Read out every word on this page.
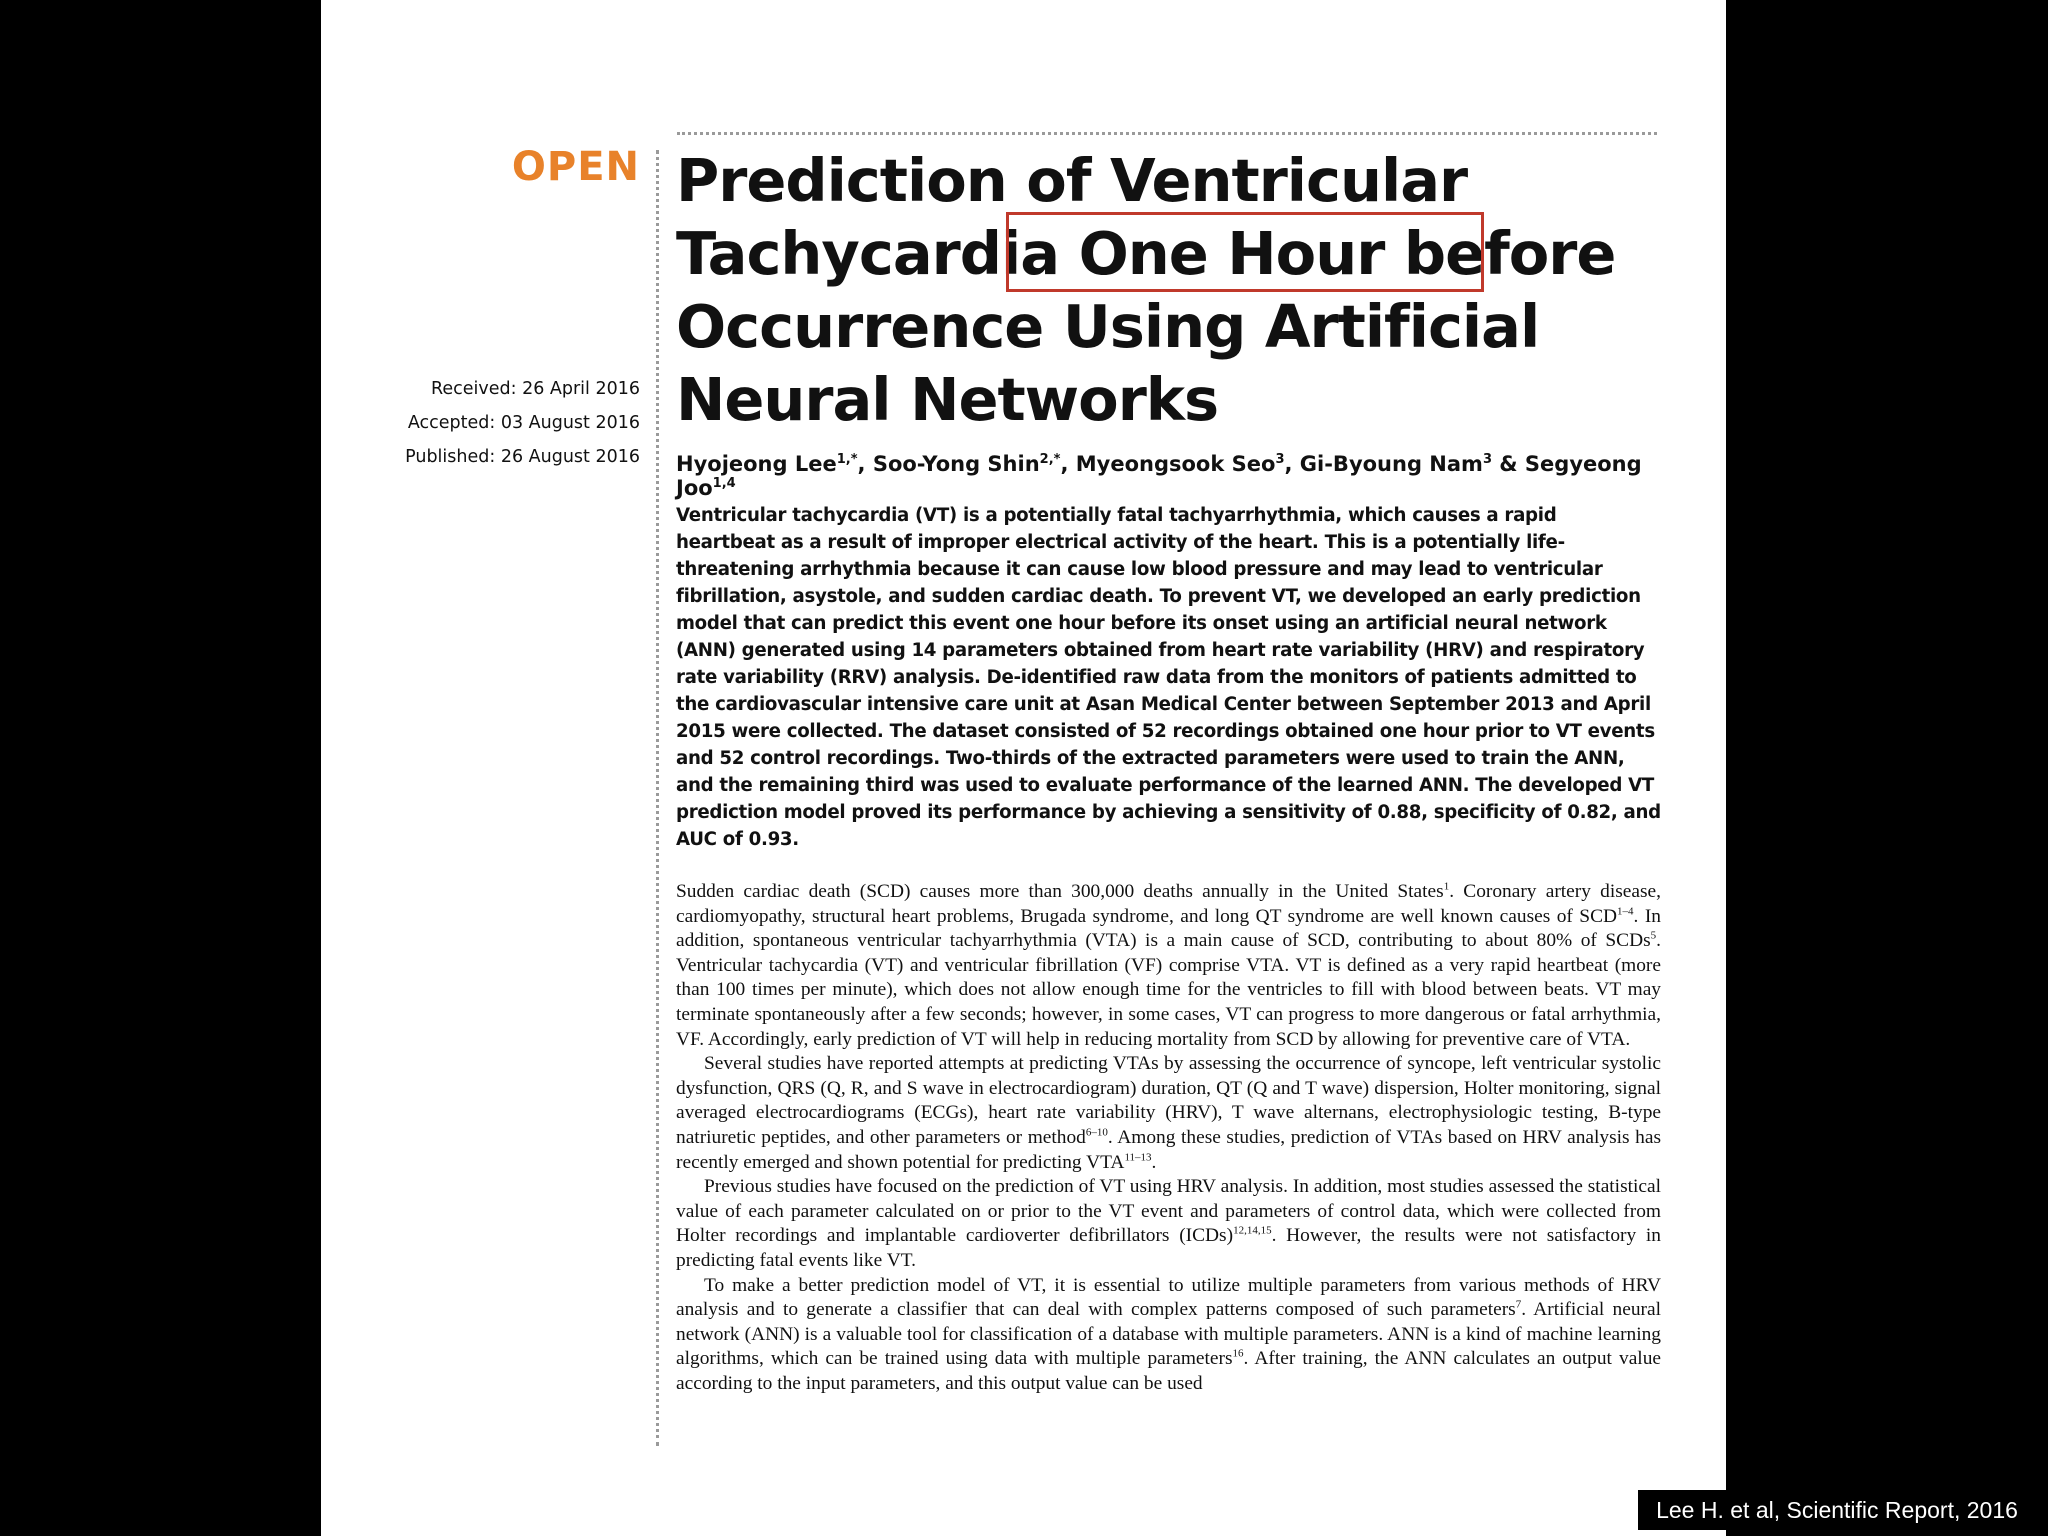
OPEN
Received: 26 April 2016
Accepted: 03 August 2016
Published: 26 August 2016
Prediction of Ventricular Tachycardia One Hour before Occurrence Using Artificial Neural Networks
Hyojeong Lee$^{1,*}$, Soo-Yong Shin$^{2,*}$, Myeongsook Seo$^3$, Gi-Byoung Nam$^3$ & Segyeong Joo$^{1,4}$
Ventricular tachycardia (VT) is a potentially fatal tachyarrhythmia, which causes a rapid heartbeat as a result of improper electrical activity of the heart. This is a potentially life-threatening arrhythmia because it can cause low blood pressure and may lead to ventricular fibrillation, asystole, and sudden cardiac death. To prevent VT, we developed an early prediction model that can predict this event one hour before its onset using an artificial neural network (ANN) generated using 14 parameters obtained from heart rate variability (HRV) and respiratory rate variability (RRV) analysis. De-identified raw data from the monitors of patients admitted to the cardiovascular intensive care unit at Asan Medical Center between September 2013 and April 2015 were collected. The dataset consisted of 52 recordings obtained one hour prior to VT events and 52 control recordings. Two-thirds of the extracted parameters were used to train the ANN, and the remaining third was used to evaluate performance of the learned ANN. The developed VT prediction model proved its performance by achieving a sensitivity of 0.88, specificity of 0.82, and AUC of 0.93.

Sudden cardiac death (SCD) causes more than 300,000 deaths annually in the United States$^1$. Coronary artery disease, cardiomyopathy, structural heart problems, Brugada syndrome, and long QT syndrome are well known causes of SCD$^{1-4}$. In addition, spontaneous ventricular tachyarrhythmia (VTA) is a main cause of SCD, contributing to about 80% of SCDs$^5$. Ventricular tachycardia (VT) and ventricular fibrillation (VF) comprise VTA. VT is defined as a very rapid heartbeat (more than 100 times per minute), which does not allow enough time for the ventricles to fill with blood between beats. VT may terminate spontaneously after a few seconds; however, in some cases, VT can progress to more dangerous or fatal arrhythmia, VF. Accordingly, early prediction of VT will help in reducing mortality from SCD by allowing for preventive care of VTA.

Several studies have reported attempts at predicting VTAs by assessing the occurrence of syncope, left ventricular systolic dysfunction, QRS (Q, R, and S wave in electrocardiogram) duration, QT (Q and T wave) dispersion, Holter monitoring, signal averaged electrocardiograms (ECGs), heart rate variability (HRV), T wave alternans, electrophysiologic testing, B-type natriuretic peptides, and other parameters or method$^{6-10}$. Among these studies, prediction of VTAs based on HRV analysis has recently emerged and shown potential for predicting VTA$^{11-13}$.

Previous studies have focused on the prediction of VT using HRV analysis. In addition, most studies assessed the statistical value of each parameter calculated on or prior to the VT event and parameters of control data, which were collected from Holter recordings and implantable cardioverter defibrillators (ICDs)$^{12,14,15}$. However, the results were not satisfactory in predicting fatal events like VT.

To make a better prediction model of VT, it is essential to utilize multiple parameters from various methods of HRV analysis and to generate a classifier that can deal with complex patterns composed of such parameters$^7$. Artificial neural network (ANN) is a valuable tool for classification of a database with multiple parameters. ANN is a kind of machine learning algorithms, which can be trained using data with multiple parameters$^{16}$. After training, the ANN calculates an output value according to the input parameters, and this output value can be used

Lee H. et al, Scientific Report, 2016
